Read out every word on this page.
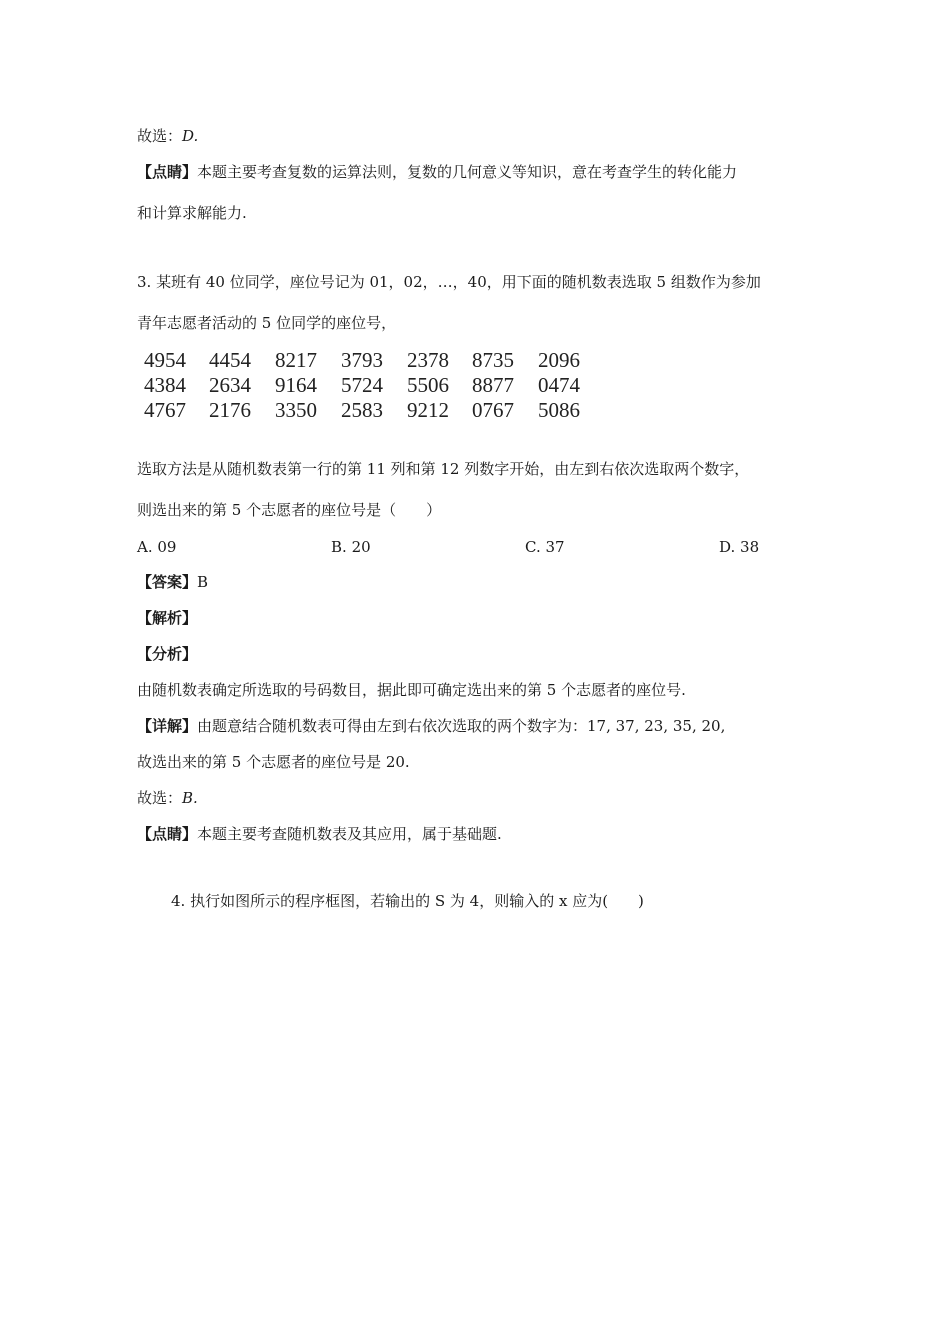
故选：D.
【点睛】本题主要考查复数的运算法则，复数的几何意义等知识，意在考查学生的转化能力
和计算求解能力.
3. 某班有 40 位同学，座位号记为 01，02，…，40，用下面的随机数表选取 5 组数作为参加
青年志愿者活动的 5 位同学的座位号，
4954 4454 8217 3793 2378 8735 2096
4384 2634 9164 5724 5506 8877 0474
4767 2176 3350 2583 9212 0767 5086
选取方法是从随机数表第一行的第 11 列和第 12 列数字开始，由左到右依次选取两个数字，
则选出来的第 5 个志愿者的座位号是（　　）
A. 09	B. 20	C. 37	D. 38
【答案】B
【解析】
【分析】
由随机数表确定所选取的号码数目，据此即可确定选出来的第 5 个志愿者的座位号.
【详解】由题意结合随机数表可得由左到右依次选取的两个数字为：17, 37, 23, 35, 20,
故选出来的第 5 个志愿者的座位号是 20.
故选：B.
【点睛】本题主要考查随机数表及其应用，属于基础题.
4. 执行如图所示的程序框图，若输出的 S 为 4，则输入的 x 应为(　　)
